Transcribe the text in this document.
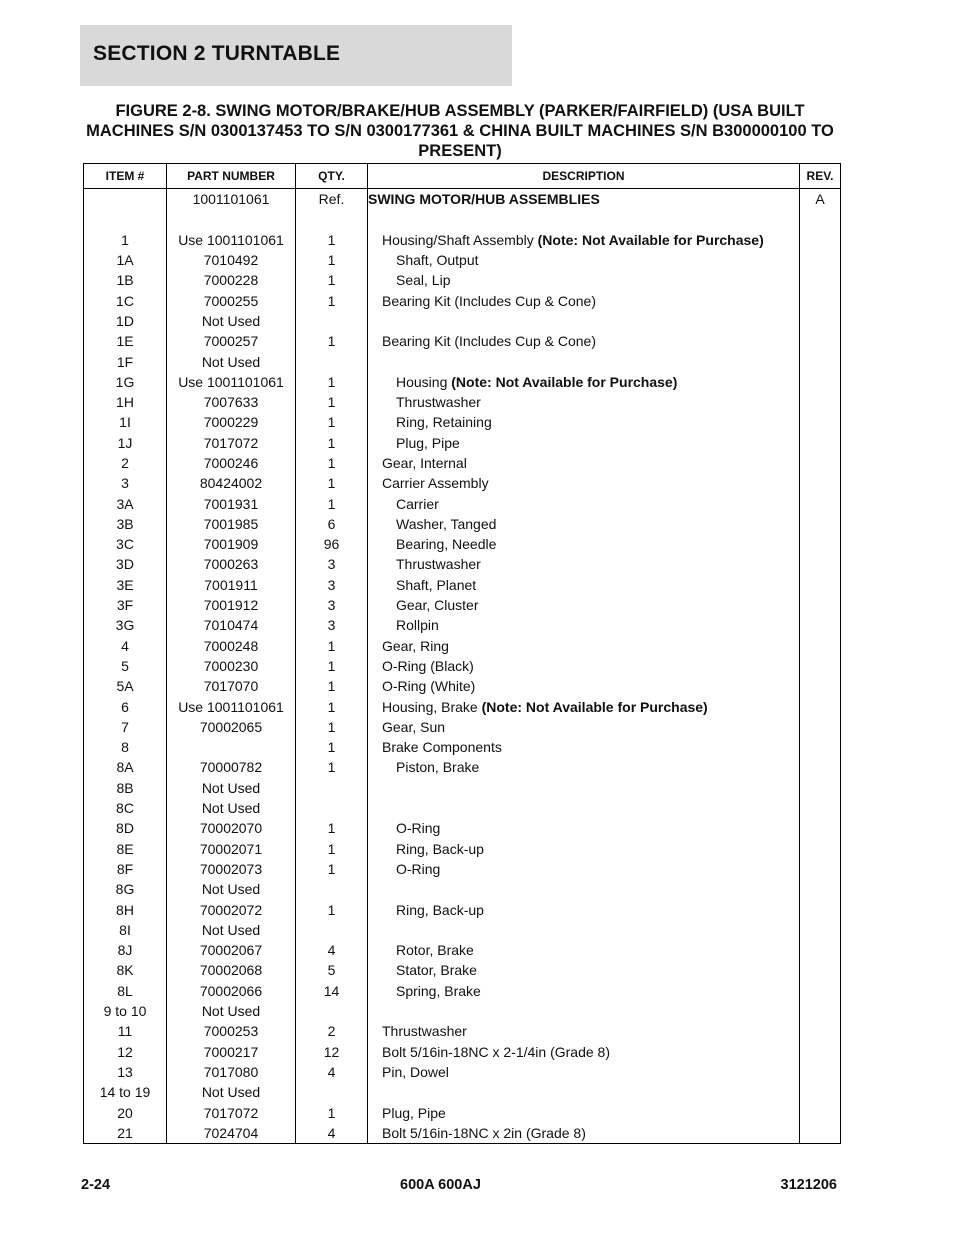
SECTION 2 TURNTABLE
FIGURE 2-8. SWING MOTOR/BRAKE/HUB ASSEMBLY (PARKER/FAIRFIELD) (USA BUILT MACHINES S/N 0300137453 TO S/N 0300177361 & CHINA BUILT MACHINES S/N B300000100 TO PRESENT)
ITEM #	PART NUMBER	QTY.	DESCRIPTION	REV.
	1001101061	Ref.	SWING MOTOR/HUB ASSEMBLIES	A

1	Use 1001101061	1	Housing/Shaft Assembly (Note: Not Available for Purchase)	

1A	7010492	1	Shaft, Output	

1B	7000228	1	Seal, Lip	

1C	7000255	1	Bearing Kit (Includes Cup & Cone)	

1D	Not Used		

1E	7000257	1	Bearing Kit (Includes Cup & Cone)	

1F	Not Used		

1G	Use 1001101061	1	Housing (Note: Not Available for Purchase)	

1H	7007633	1	Thrustwasher	

1I	7000229	1	Ring, Retaining	

1J	7017072	1	Plug, Pipe	

2	7000246	1	Gear, Internal	

3	80424002	1	Carrier Assembly	

3A	7001931	1	Carrier	

3B	7001985	6	Washer, Tanged	

3C	7001909	96	Bearing, Needle	

3D	7000263	3	Thrustwasher	

3E	7001911	3	Shaft, Planet	

3F	7001912	3	Gear, Cluster	

3G	7010474	3	Rollpin	

4	7000248	1	Gear, Ring	

5	7000230	1	O-Ring (Black)	

5A	7017070	1	O-Ring (White)	

6	Use 1001101061	1	Housing, Brake (Note: Not Available for Purchase)	

7	70002065	1	Gear, Sun	

8		1	Brake Components	

8A	70000782	1	Piston, Brake	

8B	Not Used		

8C	Not Used		

8D	70002070	1	O-Ring	

8E	70002071	1	Ring, Back-up	

8F	70002073	1	O-Ring	

8G	Not Used		

8H	70002072	1	Ring, Back-up	

8I	Not Used		

8J	70002067	4	Rotor, Brake	

8K	70002068	5	Stator, Brake	

8L	70002066	14	Spring, Brake	

9 to 10	Not Used		

11	7000253	2	Thrustwasher	

12	7000217	12	Bolt 5/16in-18NC x 2-1/4in (Grade 8)	

13	7017080	4	Pin, Dowel	

14 to 19	Not Used		

20	7017072	1	Plug, Pipe	

21	7024704	4	Bolt 5/16in-18NC x 2in (Grade 8)	

2-24	600A 600AJ	3121206
